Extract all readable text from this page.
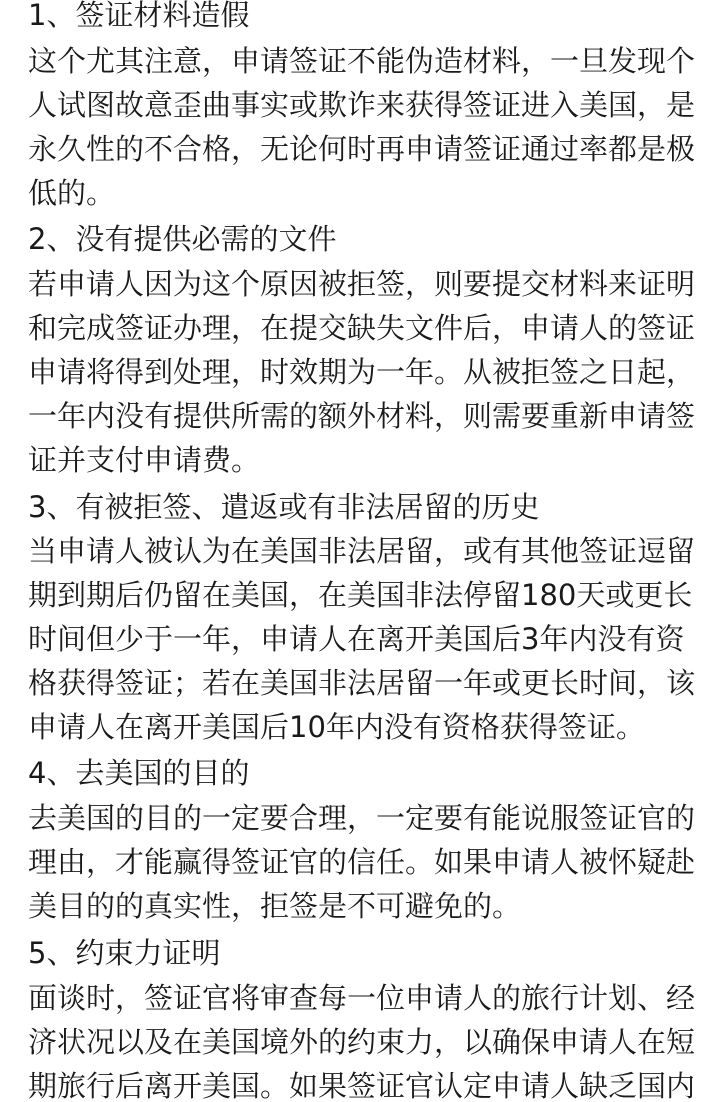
1、签证材料造假
这个尤其注意，申请签证不能伪造材料，一旦发现个
人试图故意歪曲事实或欺诈来获得签证进入美国，是
永久性的不合格，无论何时再申请签证通过率都是极
低的。
2、没有提供必需的文件
若申请人因为这个原因被拒签，则要提交材料来证明
和完成签证办理，在提交缺失文件后，申请人的签证
申请将得到处理，时效期为一年。从被拒签之日起，
一年内没有提供所需的额外材料，则需要重新申请签
证并支付申请费。
3、有被拒签、遣返或有非法居留的历史
当申请人被认为在美国非法居留，或有其他签证逗留
期到期后仍留在美国，在美国非法停留180天或更长
时间但少于一年，申请人在离开美国后3年内没有资
格获得签证；若在美国非法居留一年或更长时间，该
申请人在离开美国后10年内没有资格获得签证。
4、去美国的目的
去美国的目的一定要合理，一定要有能说服签证官的
理由，才能赢得签证官的信任。如果申请人被怀疑赴
美目的的真实性，拒签是不可避免的。
5、约束力证明
面谈时，签证官将审查每一位申请人的旅行计划、经
济状况以及在美国境外的约束力，以确保申请人在短
期旅行后离开美国。如果签证官认定申请人缺乏国内
